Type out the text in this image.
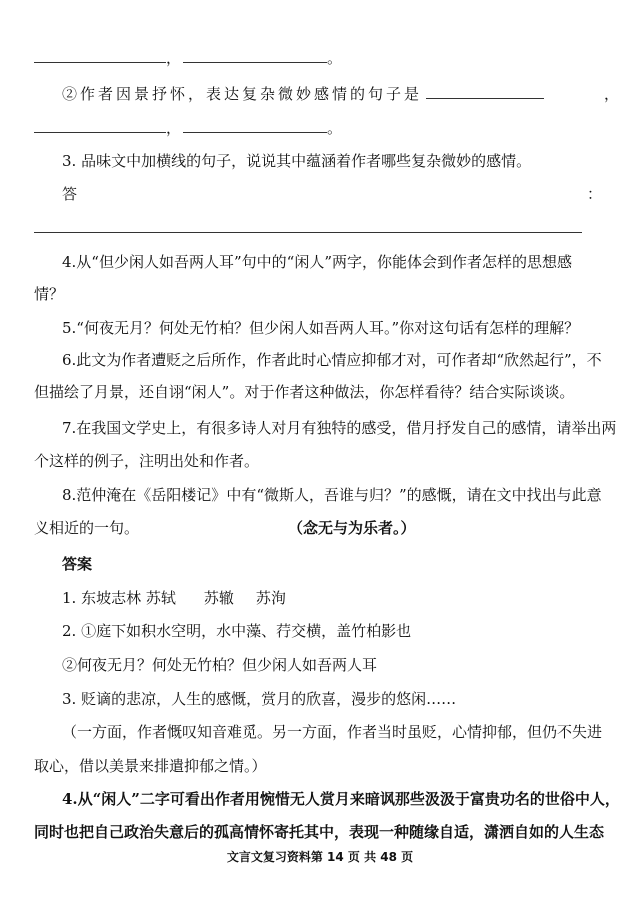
，	。
②作者因景抒怀，表达复杂微妙感情的句子是	，
，	。
3. 品味文中加横线的句子，说说其中蕴涵着作者哪些复杂微妙的感情。
答	：
4.从“但少闲人如吾两人耳”句中的“闲人”两字，你能体会到作者怎样的思想感
情？
5.“何夜无月？何处无竹柏？但少闲人如吾两人耳。”你对这句话有怎样的理解？
6.此文为作者遭贬之后所作，作者此时心情应抑郁才对，可作者却“欣然起行”，不
但描绘了月景，还自诩“闲人”。对于作者这种做法，你怎样看待？结合实际谈谈。
7.在我国文学史上，有很多诗人对月有独特的感受，借月抒发自己的感情，请举出两
个这样的例子，注明出处和作者。
8.范仲淹在《岳阳楼记》中有“微斯人，吾谁与归？”的感慨，请在文中找出与此意
义相近的一句。	（念无与为乐者。）
答案
1. 东坡志林 苏轼 苏辙 苏洵
2. ①庭下如积水空明，水中藻、荇交横，盖竹柏影也
②何夜无月？何处无竹柏？但少闲人如吾两人耳
3. 贬谪的悲凉，人生的感慨，赏月的欣喜，漫步的悠闲……
（一方面，作者慨叹知音难觅。另一方面，作者当时虽贬，心情抑郁，但仍不失进
取心，借以美景来排遣抑郁之情。）
4.从“闲人”二字可看出作者用惋惜无人赏月来暗讽那些汲汲于富贵功名的世俗中人，
同时也把自己政治失意后的孤高情怀寄托其中，表现一种随缘自适，潇洒自如的人生态
文言文复习资料第 14 页 共 48 页
